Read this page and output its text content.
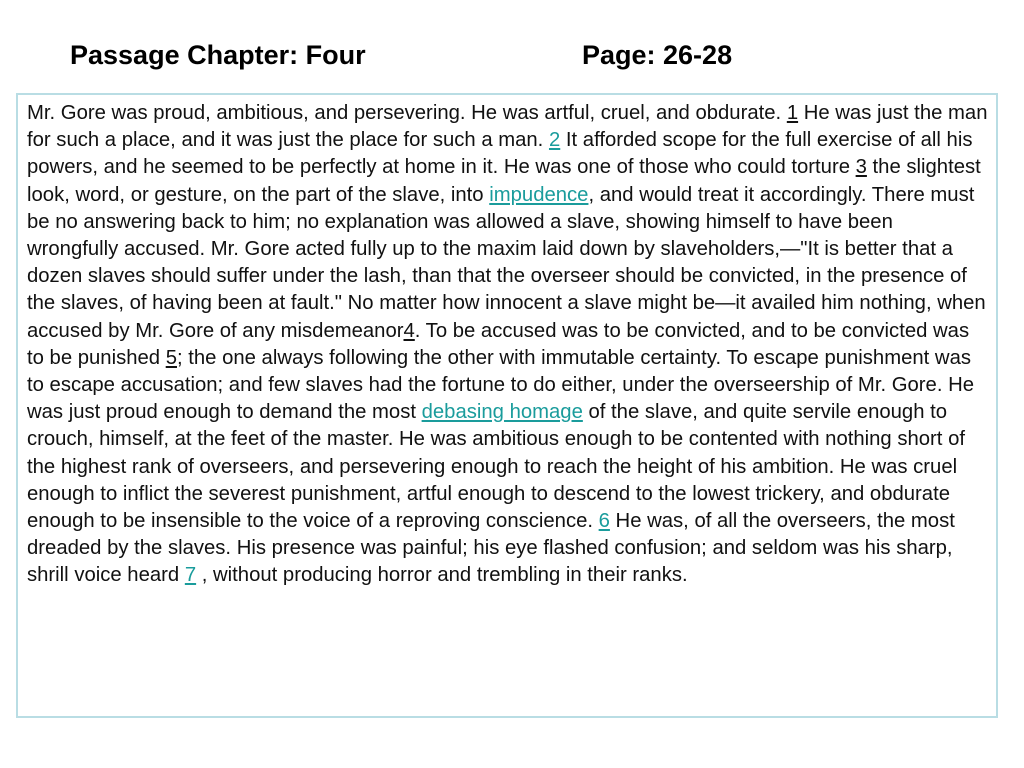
Passage Chapter: Four	Page: 26-28

Mr. Gore was proud, ambitious, and persevering. He was artful, cruel, and obdurate. 1 He was just the man for such a place, and it was just the place for such a man. 2 It afforded scope for the full exercise of all his powers, and he seemed to be perfectly at home in it. He was one of those who could torture 3 the slightest look, word, or gesture, on the part of the slave, into impudence, and would treat it accordingly. There must be no answering back to him; no explanation was allowed a slave, showing himself to have been wrongfully accused. Mr. Gore acted fully up to the maxim laid down by slaveholders,—"It is better that a dozen slaves should suffer under the lash, than that the overseer should be convicted, in the presence of the slaves, of having been at fault." No matter how innocent a slave might be—it availed him nothing, when accused by Mr. Gore of any misdemeanor4. To be accused was to be convicted, and to be convicted was to be punished 5; the one always following the other with immutable certainty. To escape punishment was to escape accusation; and few slaves had the fortune to do either, under the overseership of Mr. Gore. He was just proud enough to demand the most debasing homage of the slave, and quite servile enough to crouch, himself, at the feet of the master. He was ambitious enough to be contented with nothing short of the highest rank of overseers, and persevering enough to reach the height of his ambition. He was cruel enough to inflict the severest punishment, artful enough to descend to the lowest trickery, and obdurate enough to be insensible to the voice of a reproving conscience. 6 He was, of all the overseers, the most dreaded by the slaves. His presence was painful; his eye flashed confusion; and seldom was his sharp, shrill voice heard 7 , without producing horror and trembling in their ranks.
